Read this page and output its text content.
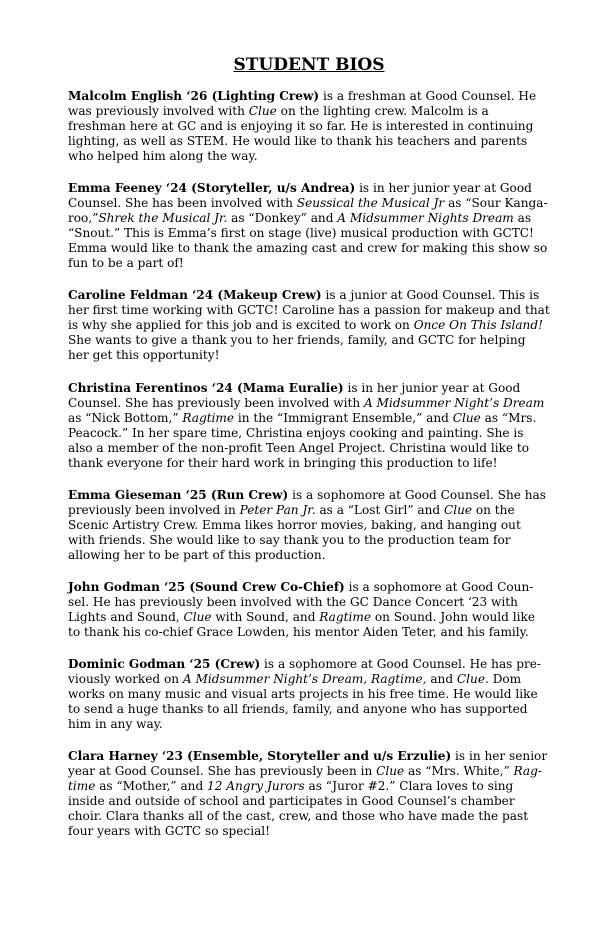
STUDENT BIOS

Malcolm English ‘26 (Lighting Crew) is a freshman at Good Counsel. He was previously involved with Clue on the lighting crew. Malcolm is a freshman here at GC and is enjoying it so far. He is interested in continuing lighting, as well as STEM. He would like to thank his teachers and parents who helped him along the way.

Emma Feeney ‘24 (Storyteller, u/s Andrea) is in her junior year at Good Counsel. She has been involved with Seussical the Musical Jr as “Sour Kangaroo,”Shrek the Musical Jr. as “Donkey” and A Midsummer Nights Dream as “Snout.” This is Emma’s first on stage (live) musical production with GCTC! Emma would like to thank the amazing cast and crew for making this show so fun to be a part of!

Caroline Feldman ‘24 (Makeup Crew) is a junior at Good Counsel. This is her first time working with GCTC! Caroline has a passion for makeup and that is why she applied for this job and is excited to work on Once On This Island! She wants to give a thank you to her friends, family, and GCTC for helping her get this opportunity!

Christina Ferentinos ‘24 (Mama Euralie) is in her junior year at Good Counsel. She has previously been involved with A Midsummer Night’s Dream as “Nick Bottom,” Ragtime in the “Immigrant Ensemble,” and Clue as “Mrs. Peacock.” In her spare time, Christina enjoys cooking and painting. She is also a member of the non-profit Teen Angel Project. Christina would like to thank everyone for their hard work in bringing this production to life!

Emma Gieseman ‘25 (Run Crew) is a sophomore at Good Counsel. She has previously been involved in Peter Pan Jr. as a “Lost Girl” and Clue on the Scenic Artistry Crew. Emma likes horror movies, baking, and hanging out with friends. She would like to say thank you to the production team for allowing her to be part of this production.

John Godman ‘25 (Sound Crew Co-Chief) is a sophomore at Good Counsel. He has previously been involved with the GC Dance Concert ‘23 with Lights and Sound, Clue with Sound, and Ragtime on Sound. John would like to thank his co-chief Grace Lowden, his mentor Aiden Teter, and his family.

Dominic Godman ‘25 (Crew) is a sophomore at Good Counsel. He has previously worked on A Midsummer Night’s Dream, Ragtime, and Clue. Dom works on many music and visual arts projects in his free time. He would like to send a huge thanks to all friends, family, and anyone who has supported him in any way.

Clara Harney ‘23 (Ensemble, Storyteller and u/s Erzulie) is in her senior year at Good Counsel. She has previously been in Clue as “Mrs. White,” Ragtime as “Mother,” and 12 Angry Jurors as “Juror #2.” Clara loves to sing inside and outside of school and participates in Good Counsel’s chamber choir. Clara thanks all of the cast, crew, and those who have made the past four years with GCTC so special!
